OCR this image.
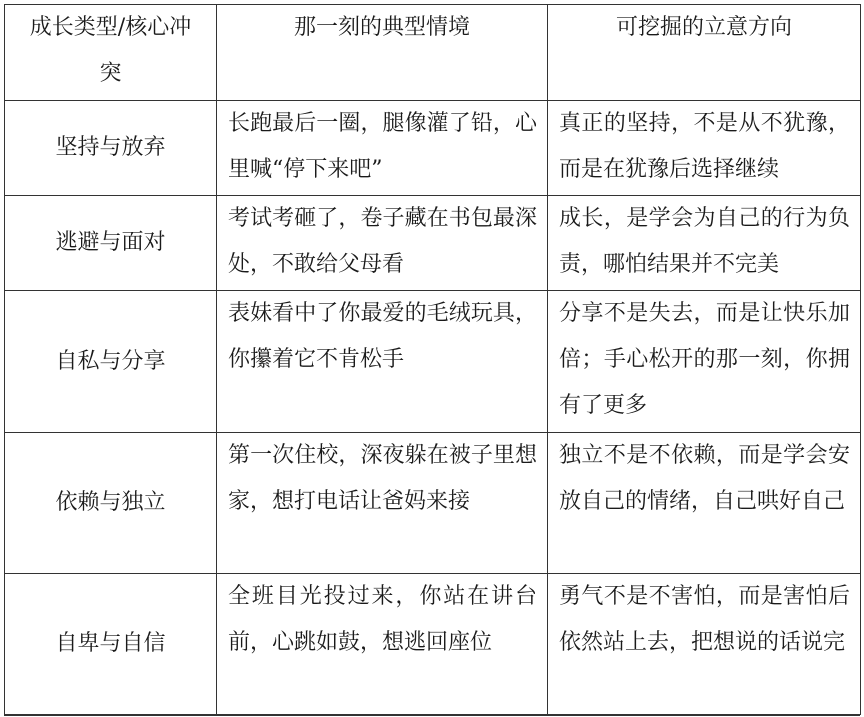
成长类型/核心冲突	那一刻的典型情境	可挖掘的立意方向
坚持与放弃	长跑最后一圈，腿像灌了铅，心里喊“停下来吧”	真正的坚持，不是从不犹豫，而是在犹豫后选择继续
逃避与面对	考试考砸了，卷子藏在书包最深处，不敢给父母看	成长，是学会为自己的行为负责，哪怕结果并不完美
自私与分享	表妹看中了你最爱的毛绒玩具，你攥着它不肯松手	分享不是失去，而是让快乐加倍；手心松开的那一刻，你拥有了更多
依赖与独立	第一次住校，深夜躲在被子里想家，想打电话让爸妈来接	独立不是不依赖，而是学会安放自己的情绪，自己哄好自己
自卑与自信	全班目光投过来，你站在讲台前，心跳如鼓，想逃回座位	勇气不是不害怕，而是害怕后依然站上去，把想说的话说完
